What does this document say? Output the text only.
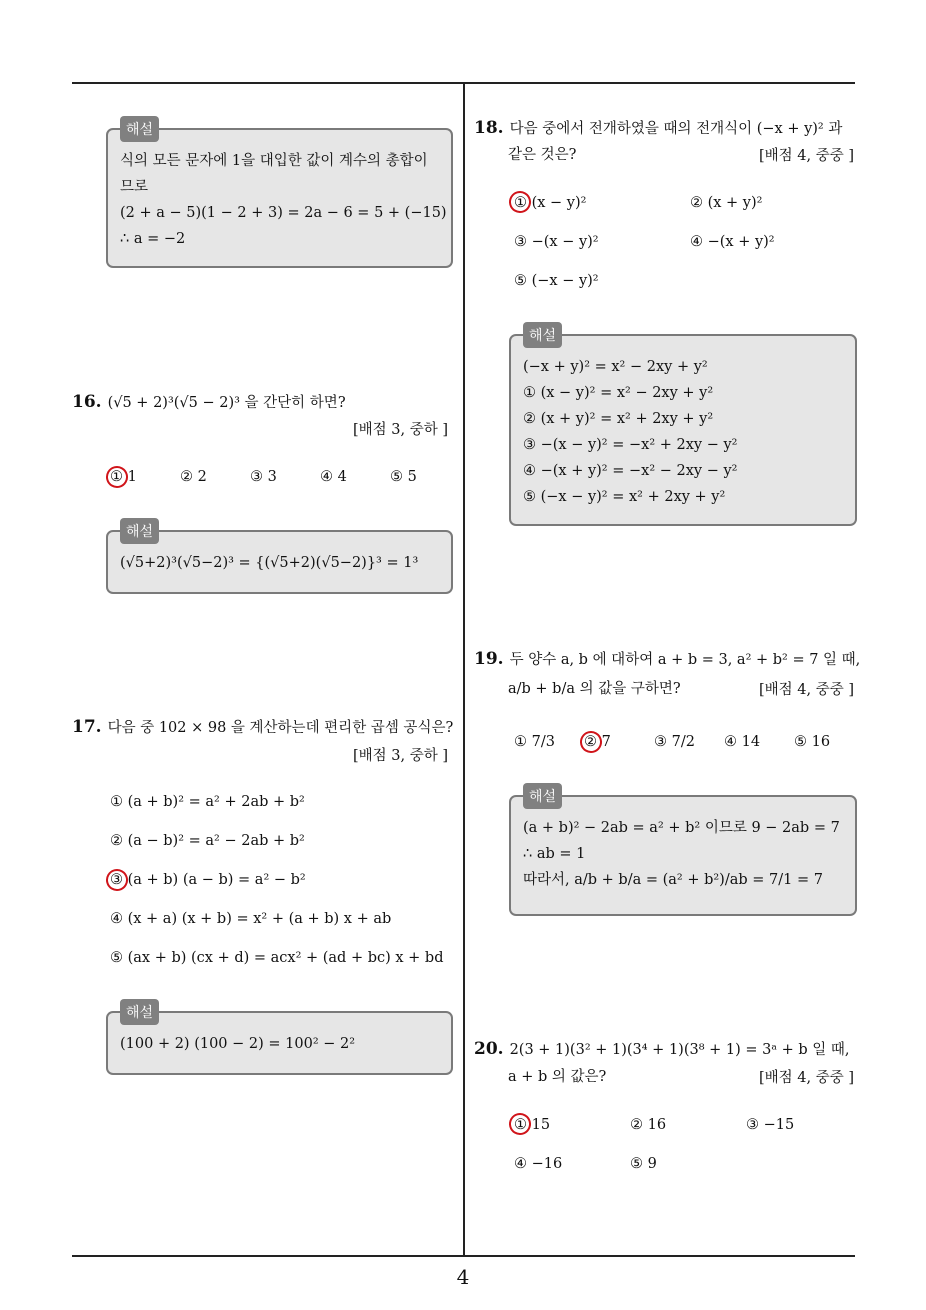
4
해설
식의 모든 문자에 1을 대입한 값이 계수의 총합이
므로
(2 + a − 5)(1 − 2 + 3) = 2a − 6 = 5 + (−15)
∴ a = −2
16. (√5 + 2)³(√5 − 2)³ 을 간단히 하면?
[배점 3, 중하 ]
① 1	② 2	③ 3	④ 4	⑤ 5
해설
(√5+2)³(√5−2)³ = {(√5+2)(√5−2)}³ = 1³
17. 다음 중 102 × 98 을 계산하는데 편리한 곱셈 공식은?
[배점 3, 중하 ]
① (a + b)² = a² + 2ab + b²
② (a − b)² = a² − 2ab + b²
③ (a + b) (a − b) = a² − b²
④ (x + a) (x + b) = x² + (a + b) x + ab
⑤ (ax + b) (cx + d) = acx² + (ad + bc) x + bd
해설
(100 + 2) (100 − 2) = 100² − 2²
18. 다음 중에서 전개하였을 때의 전개식이 (−x + y)² 과
같은 것은?	[배점 4, 중중 ]
① (x − y)²	② (x + y)²
③ −(x − y)²	④ −(x + y)²
⑤ (−x − y)²
해설
(−x + y)² = x² − 2xy + y²
① (x − y)² = x² − 2xy + y²
② (x + y)² = x² + 2xy + y²
③ −(x − y)² = −x² + 2xy − y²
④ −(x + y)² = −x² − 2xy − y²
⑤ (−x − y)² = x² + 2xy + y²
19. 두 양수 a, b 에 대하여 a + b = 3, a² + b² = 7 일 때,
a/b + b/a 의 값을 구하면?	[배점 4, 중중 ]
① 7/3 ② 7	③ 7/2 ④ 14 ⑤ 16
해설
(a + b)² − 2ab = a² + b² 이므로 9 − 2ab = 7
∴ ab = 1
따라서, a/b + b/a = (a² + b²)/ab = 7/1 = 7
20. 2(3 + 1)(3² + 1)(3⁴ + 1)(3⁸ + 1) = 3ᵃ + b 일 때,
a + b 의 값은?	[배점 4, 중중 ]
① 15	② 16	③ −15
④ −16	⑤ 9
